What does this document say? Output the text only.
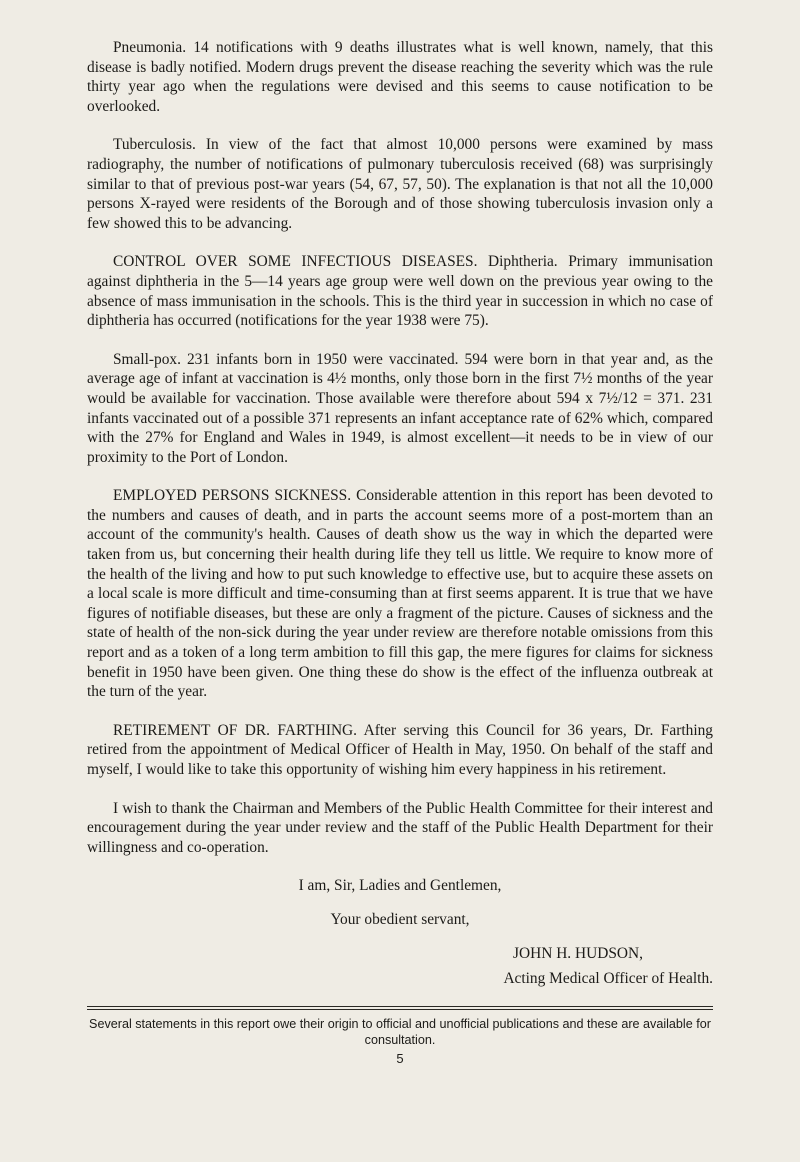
Pneumonia. 14 notifications with 9 deaths illustrates what is well known, namely, that this disease is badly notified. Modern drugs prevent the disease reaching the severity which was the rule thirty year ago when the regulations were devised and this seems to cause notification to be overlooked.

Tuberculosis. In view of the fact that almost 10,000 persons were examined by mass radiography, the number of notifications of pulmonary tuberculosis received (68) was surprisingly similar to that of previous post-war years (54, 67, 57, 50). The explanation is that not all the 10,000 persons X-rayed were residents of the Borough and of those showing tuberculosis invasion only a few showed this to be advancing.

CONTROL OVER SOME INFECTIOUS DISEASES. Diphtheria. Primary immunisation against diphtheria in the 5—14 years age group were well down on the previous year owing to the absence of mass immunisation in the schools. This is the third year in succession in which no case of diphtheria has occurred (notifications for the year 1938 were 75).

Small-pox. 231 infants born in 1950 were vaccinated. 594 were born in that year and, as the average age of infant at vaccination is 4½ months, only those born in the first 7½ months of the year would be available for vaccination. Those available were therefore about 594 x 7½/12 = 371. 231 infants vaccinated out of a possible 371 represents an infant acceptance rate of 62% which, compared with the 27% for England and Wales in 1949, is almost excellent—it needs to be in view of our proximity to the Port of London.

EMPLOYED PERSONS SICKNESS. Considerable attention in this report has been devoted to the numbers and causes of death, and in parts the account seems more of a post-mortem than an account of the community's health. Causes of death show us the way in which the departed were taken from us, but concerning their health during life they tell us little. We require to know more of the health of the living and how to put such knowledge to effective use, but to acquire these assets on a local scale is more difficult and time-consuming than at first seems apparent. It is true that we have figures of notifiable diseases, but these are only a fragment of the picture. Causes of sickness and the state of health of the non-sick during the year under review are therefore notable omissions from this report and as a token of a long term ambition to fill this gap, the mere figures for claims for sickness benefit in 1950 have been given. One thing these do show is the effect of the influenza outbreak at the turn of the year.

RETIREMENT OF DR. FARTHING. After serving this Council for 36 years, Dr. Farthing retired from the appointment of Medical Officer of Health in May, 1950. On behalf of the staff and myself, I would like to take this opportunity of wishing him every happiness in his retirement.

I wish to thank the Chairman and Members of the Public Health Committee for their interest and encouragement during the year under review and the staff of the Public Health Department for their willingness and co-operation.

I am, Sir, Ladies and Gentlemen,
Your obedient servant,
JOHN H. HUDSON,
Acting Medical Officer of Health.
Several statements in this report owe their origin to official and unofficial publications and these are available for consultation.
5
